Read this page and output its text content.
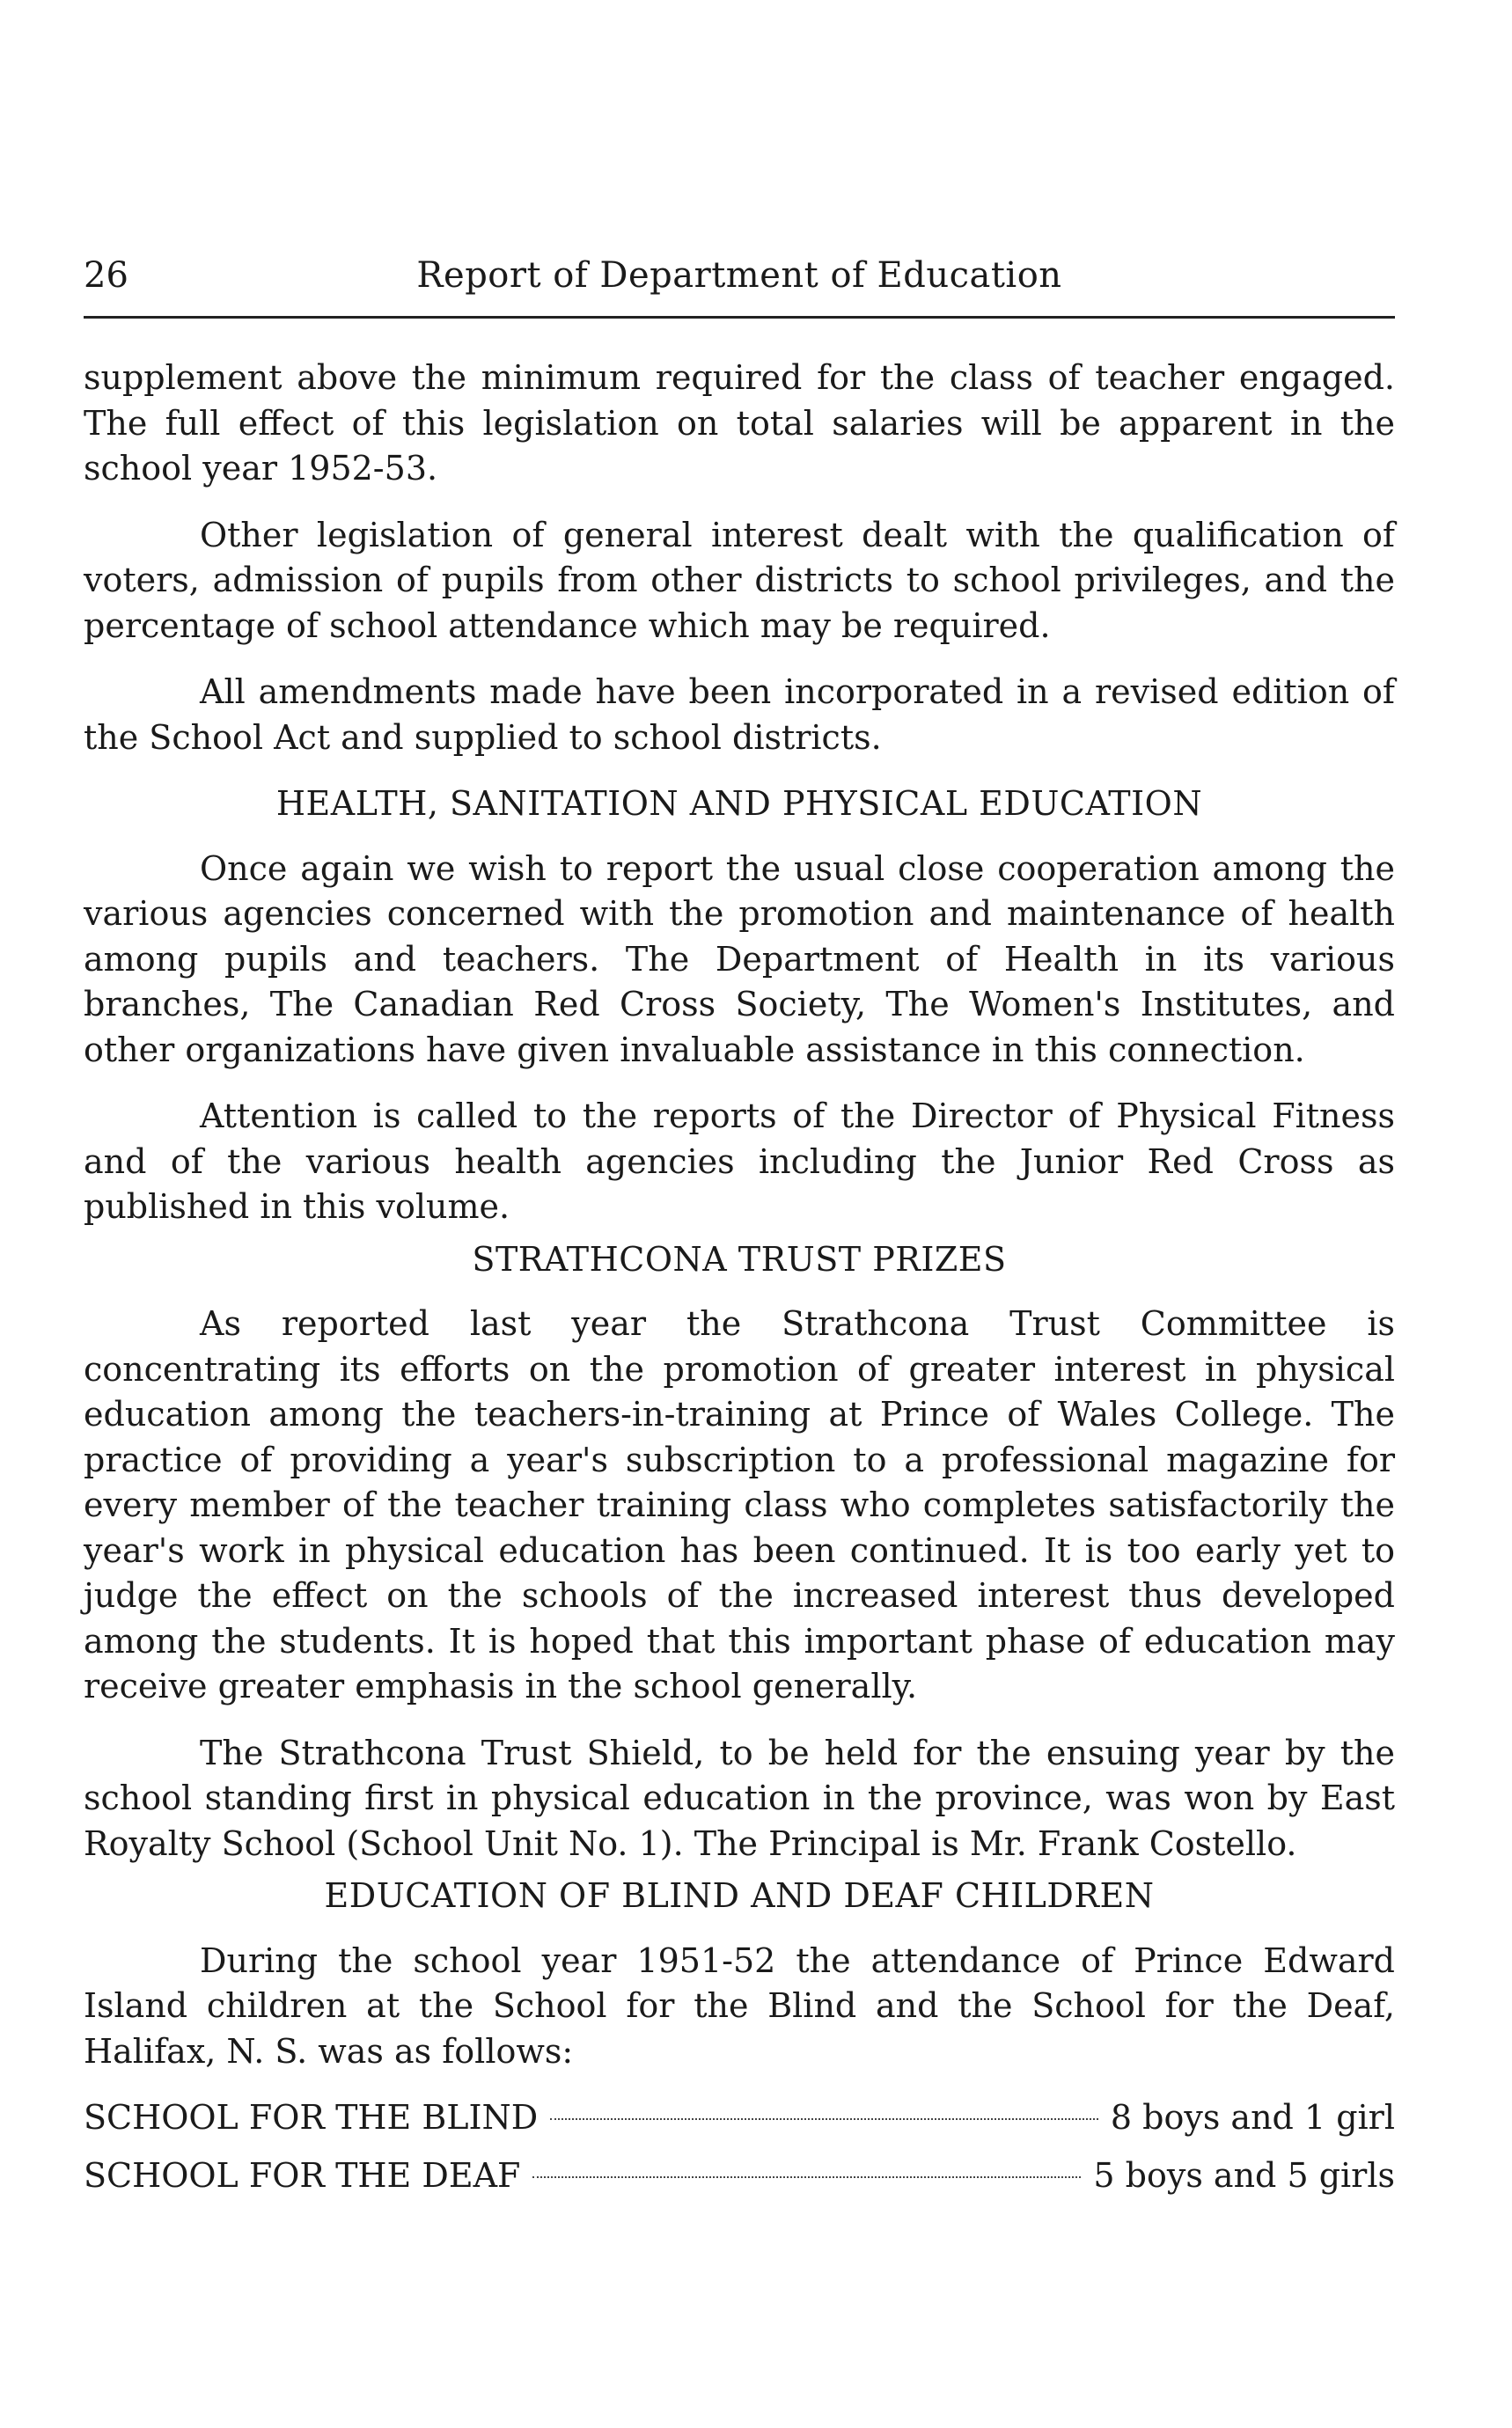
26	Report of Department of Education

supplement above the minimum required for the class of teacher engaged. The full effect of this legislation on total salaries will be apparent in the school year 1952-53.

Other legislation of general interest dealt with the qualification of voters, admission of pupils from other districts to school privileges, and the percentage of school attendance which may be required.

All amendments made have been incorporated in a revised edition of the School Act and supplied to school districts.

HEALTH, SANITATION AND PHYSICAL EDUCATION

Once again we wish to report the usual close cooperation among the various agencies concerned with the promotion and maintenance of health among pupils and teachers. The Department of Health in its various branches, The Canadian Red Cross Society, The Women's Institutes, and other organizations have given invaluable assistance in this connection.

Attention is called to the reports of the Director of Physical Fitness and of the various health agencies including the Junior Red Cross as published in this volume.

STRATHCONA TRUST PRIZES

As reported last year the Strathcona Trust Committee is concentrating its efforts on the promotion of greater interest in physical education among the teachers-in-training at Prince of Wales College. The practice of providing a year's subscription to a professional magazine for every member of the teacher training class who completes satisfactorily the year's work in physical education has been continued. It is too early yet to judge the effect on the schools of the increased interest thus developed among the students. It is hoped that this important phase of education may receive greater emphasis in the school generally.

The Strathcona Trust Shield, to be held for the ensuing year by the school standing first in physical education in the province, was won by East Royalty School (School Unit No. 1). The Principal is Mr. Frank Costello.

EDUCATION OF BLIND AND DEAF CHILDREN

During the school year 1951-52 the attendance of Prince Edward Island children at the School for the Blind and the School for the Deaf, Halifax, N. S. was as follows:

SCHOOL FOR THE BLIND	8 boys and 1 girl
SCHOOL FOR THE DEAF	5 boys and 5 girls
